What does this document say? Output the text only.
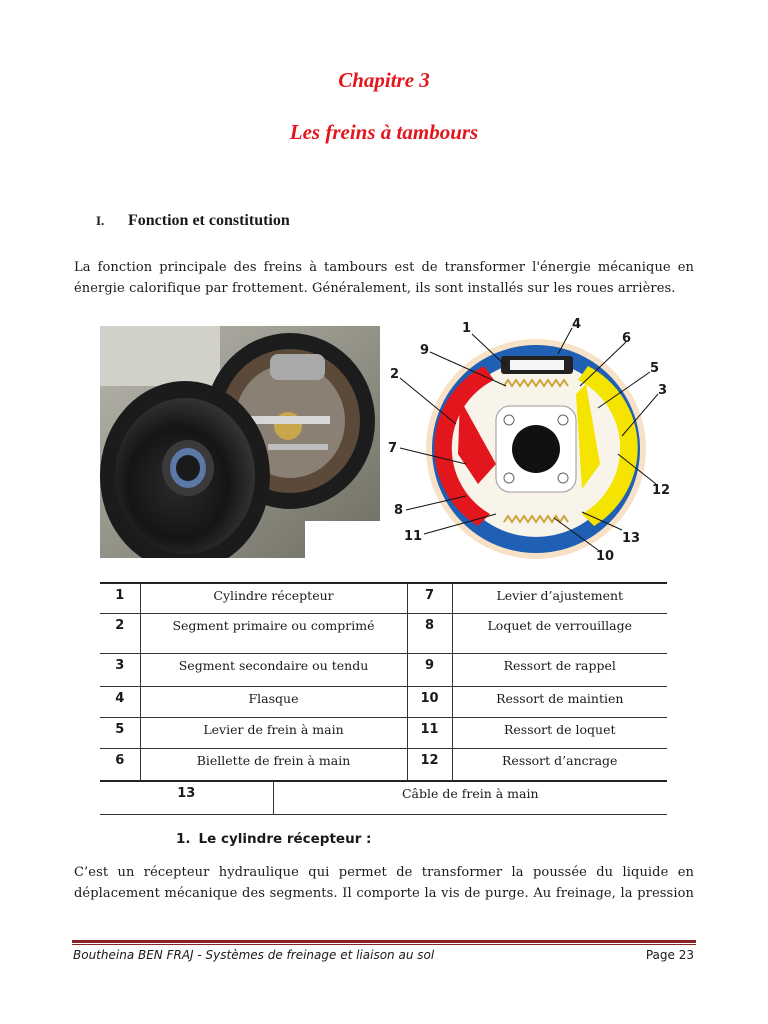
Chapitre 3
Les freins à tambours
I. Fonction et constitution
La fonction principale des freins à tambours est de transformer l'énergie mécanique en
énergie calorifique par frottement. Généralement, ils sont installés sur les roues arrières.
1
2
3
4
5
6
7
8
9
10
11
12
13
1	Cylindre récepteur		7	Levier d’ajustement
2	Segment primaire ou comprimé		8	Loquet de verrouillage
3	Segment secondaire ou tendu		9	Ressort de rappel
4	Flasque		10	Ressort de maintien
5	Levier de frein à main		11	Ressort de loquet
6	Biellette de frein à main		12	Ressort d’ancrage
13		Câble de frein à main		
1. Le cylindre récepteur :
C’est un récepteur hydraulique qui permet de transformer la poussée du liquide en
déplacement mécanique des segments. Il comporte la vis de purge. Au freinage, la pression
Boutheina BEN FRAJ - Systèmes de freinage et liaison au sol	Page 23
